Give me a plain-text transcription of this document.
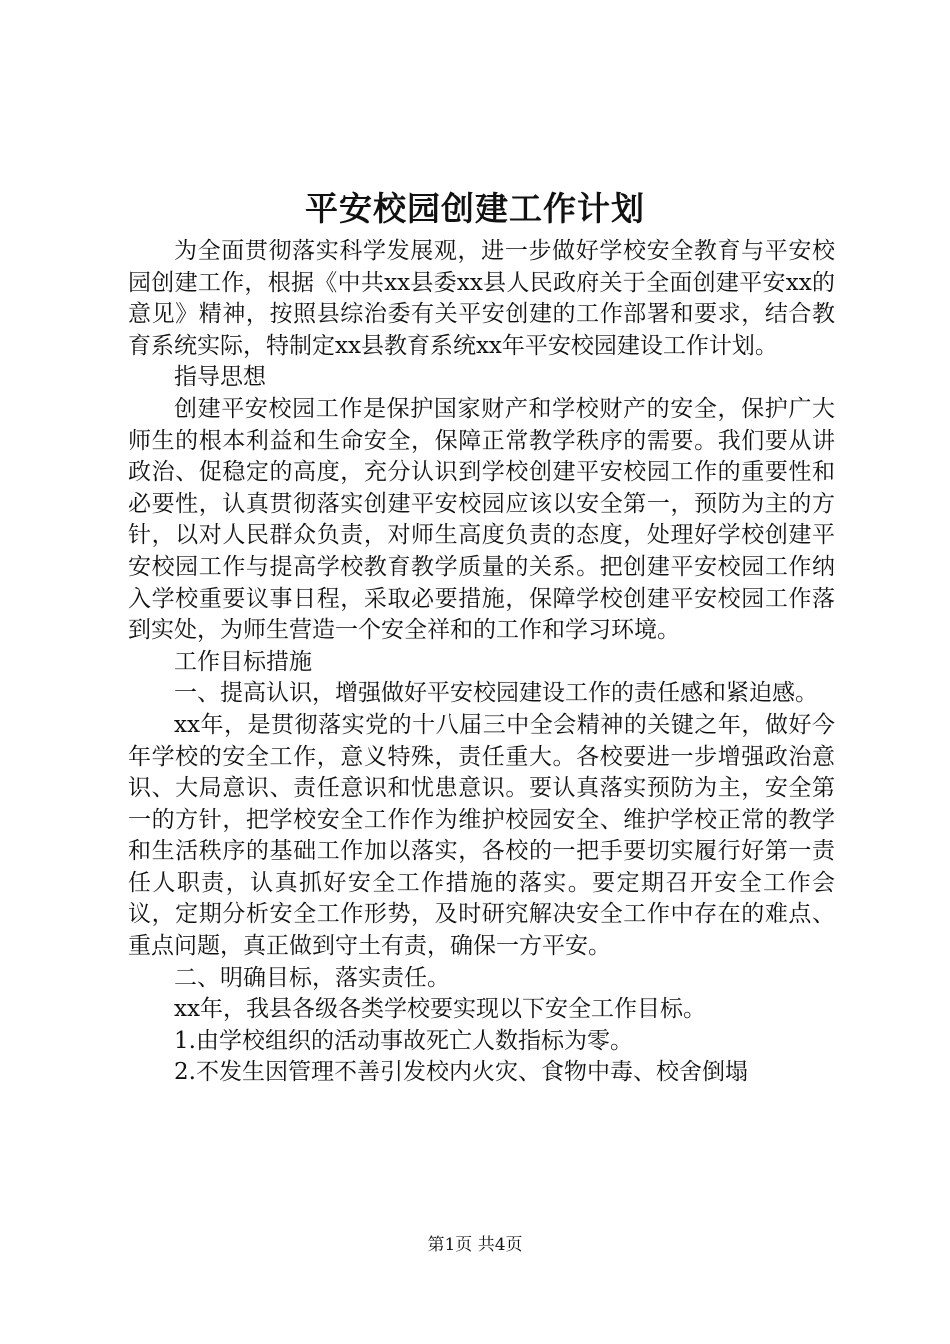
平安校园创建工作计划

为全面贯彻落实科学发展观，进一步做好学校安全教育与平安校园创建工作，根据《中共xx县委xx县人民政府关于全面创建平安xx的意见》精神，按照县综治委有关平安创建的工作部署和要求，结合教育系统实际，特制定xx县教育系统xx年平安校园建设工作计划。

指导思想

创建平安校园工作是保护国家财产和学校财产的安全，保护广大师生的根本利益和生命安全，保障正常教学秩序的需要。我们要从讲政治、促稳定的高度，充分认识到学校创建平安校园工作的重要性和必要性，认真贯彻落实创建平安校园应该以安全第一，预防为主的方针，以对人民群众负责，对师生高度负责的态度，处理好学校创建平安校园工作与提高学校教育教学质量的关系。把创建平安校园工作纳入学校重要议事日程，采取必要措施，保障学校创建平安校园工作落到实处，为师生营造一个安全祥和的工作和学习环境。

工作目标措施

一、提高认识，增强做好平安校园建设工作的责任感和紧迫感。

xx年，是贯彻落实党的十八届三中全会精神的关键之年，做好今年学校的安全工作，意义特殊，责任重大。各校要进一步增强政治意识、大局意识、责任意识和忧患意识。要认真落实预防为主，安全第一的方针，把学校安全工作作为维护校园安全、维护学校正常的教学和生活秩序的基础工作加以落实，各校的一把手要切实履行好第一责任人职责，认真抓好安全工作措施的落实。要定期召开安全工作会议，定期分析安全工作形势，及时研究解决安全工作中存在的难点、重点问题，真正做到守土有责，确保一方平安。

二、明确目标，落实责任。

xx年，我县各级各类学校要实现以下安全工作目标。

1.由学校组织的活动事故死亡人数指标为零。

2.不发生因管理不善引发校内火灾、食物中毒、校舍倒塌

第1页 共4页
